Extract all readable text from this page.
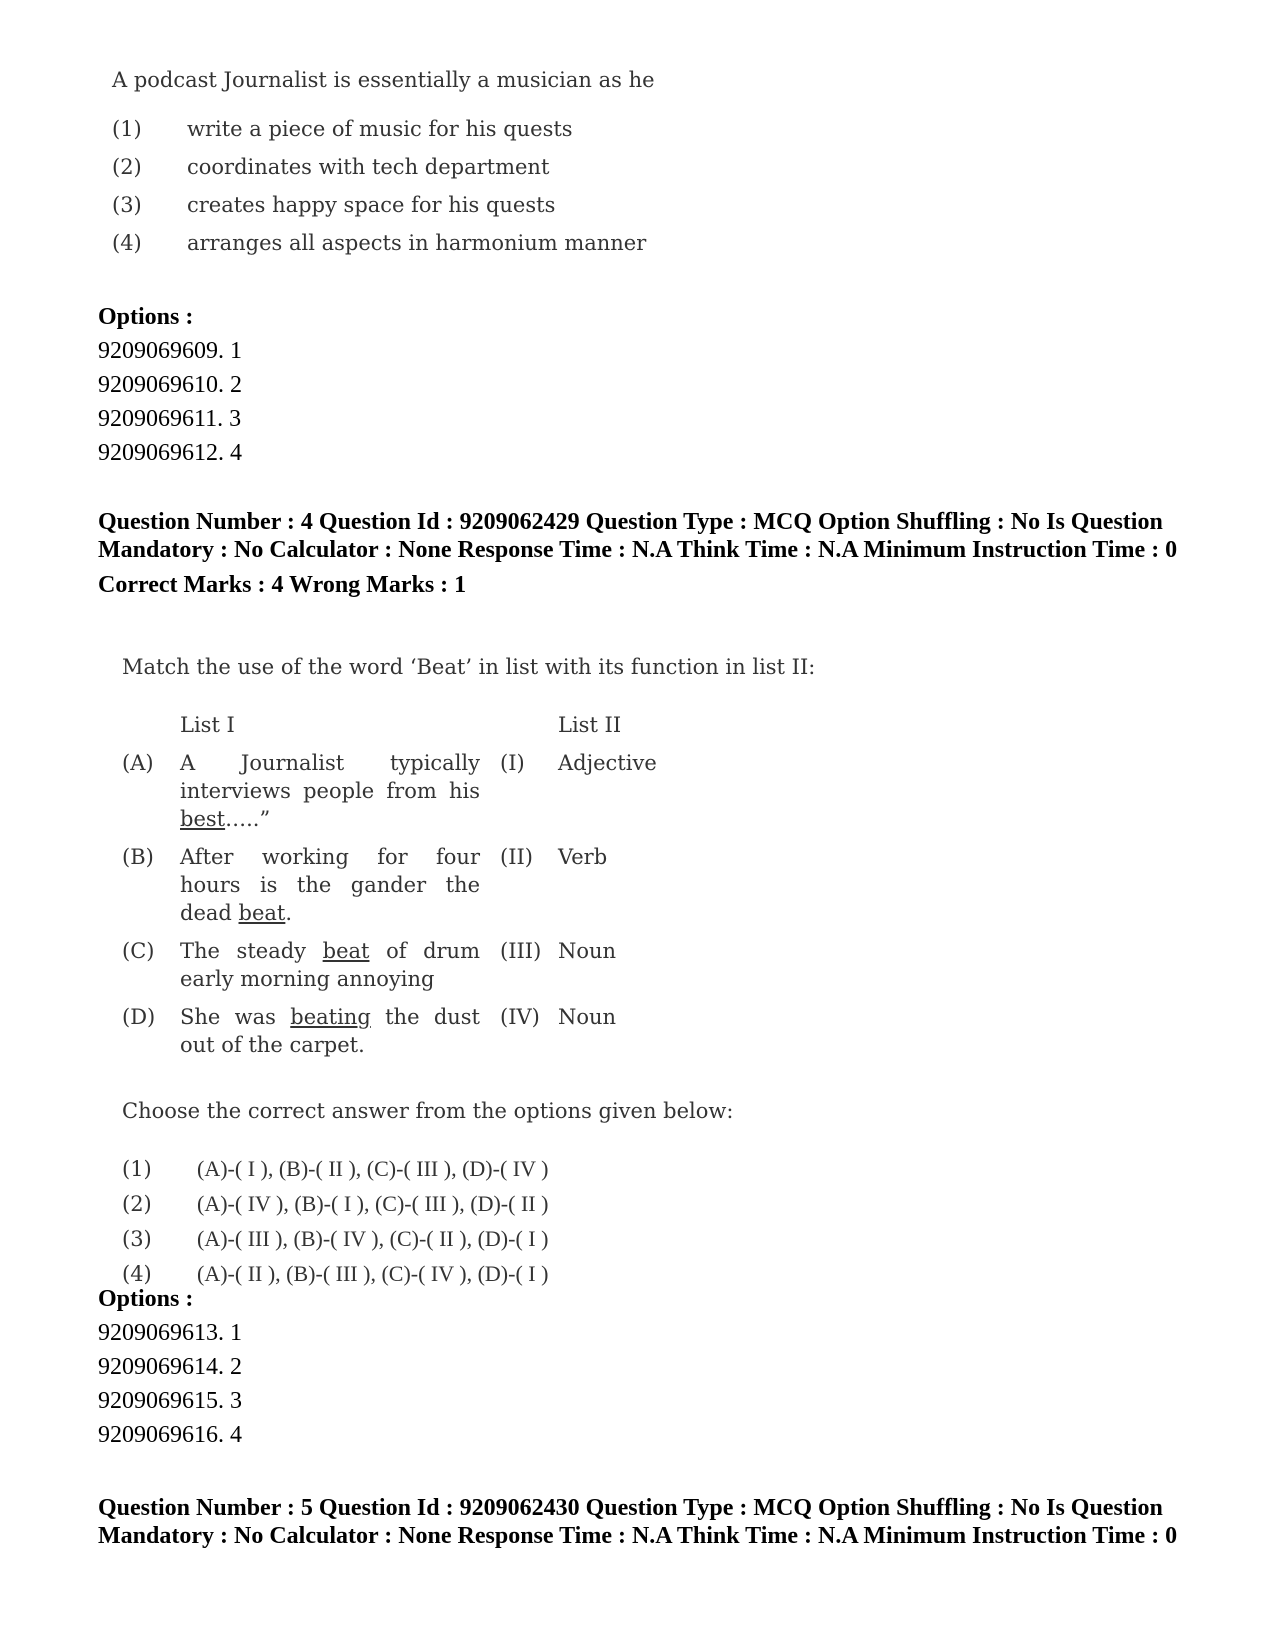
A podcast Journalist is essentially a musician as he

(1)	write a piece of music for his quests
(2)	coordinates with tech department
(3)	creates happy space for his quests
(4)	arranges all aspects in harmonium manner
Options :
9209069609. 1
9209069610. 2
9209069611. 3
9209069612. 4
Question Number : 4 Question Id : 9209062429 Question Type : MCQ Option Shuffling : No Is Question Mandatory : No Calculator : None Response Time : N.A Think Time : N.A Minimum Instruction Time : 0
Correct Marks : 4 Wrong Marks : 1

Match the use of the word ‘Beat’ in list with its function in list II:

	List I		List II
(A)	A Journalist typically interviews people from his best…..”	(I)	Adjective
(B)	After working for four hours is the gander the dead beat.	(II)	Verb
(C)	The steady beat of drum early morning annoying	(III)	Noun
(D)	She was beating the dust out of the carpet.	(IV)	Noun
Choose the correct answer from the options given below:
(1)	(A)-( I ), (B)-( II ), (C)-( III ), (D)-( IV )
(2)	(A)-( IV ), (B)-( I ), (C)-( III ), (D)-( II )
(3)	(A)-( III ), (B)-( IV ), (C)-( II ), (D)-( I )
(4)	(A)-( II ), (B)-( III ), (C)-( IV ), (D)-( I )
Options :
9209069613. 1
9209069614. 2
9209069615. 3
9209069616. 4
Question Number : 5 Question Id : 9209062430 Question Type : MCQ Option Shuffling : No Is Question Mandatory : No Calculator : None Response Time : N.A Think Time : N.A Minimum Instruction Time : 0
